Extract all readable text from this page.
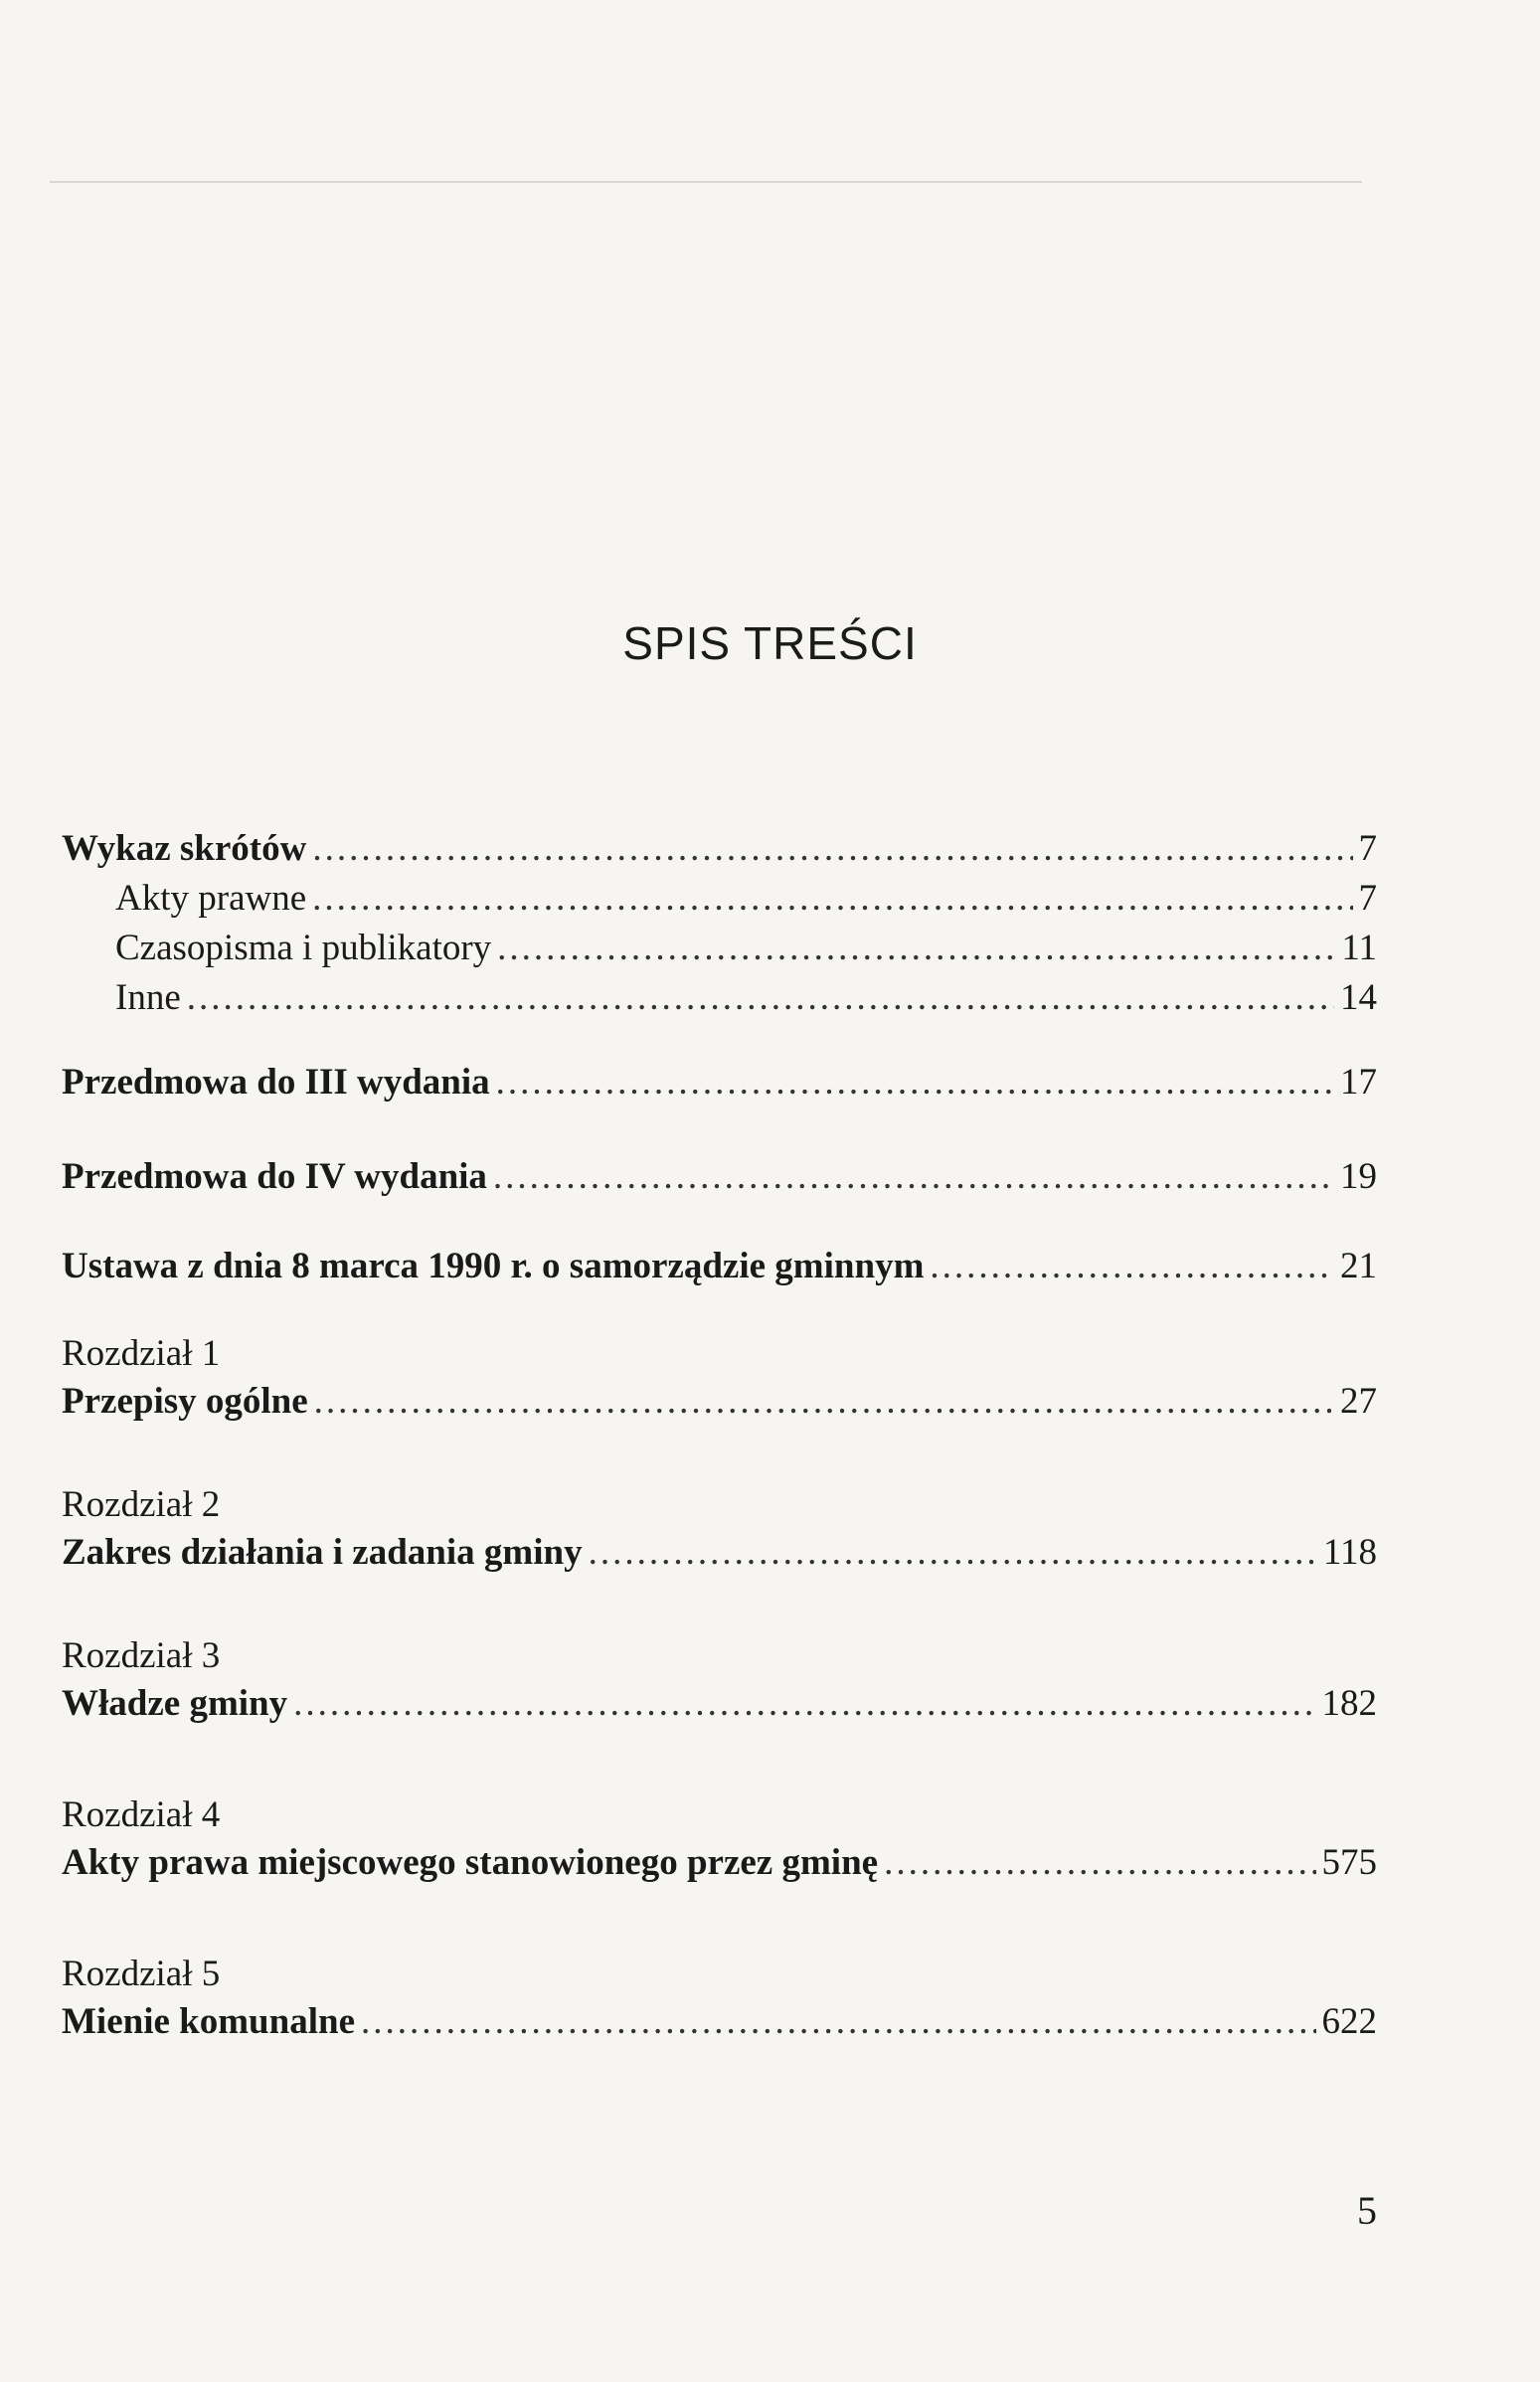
SPIS TREŚCI
Wykaz skrótów .....	7
Akty prawne .....	7
Czasopisma i publikatory .....	11
Inne .....	14
Przedmowa do III wydania .....	17
Przedmowa do IV wydania .....	19
Ustawa z dnia 8 marca 1990 r. o samorządzie gminnym .....	21
Rozdział 1
Przepisy ogólne .....	27
Rozdział 2
Zakres działania i zadania gminy .....	118
Rozdział 3
Władze gminy .....	182
Rozdział 4
Akty prawa miejscowego stanowionego przez gminę .....	575
Rozdział 5
Mienie komunalne .....	622
5
